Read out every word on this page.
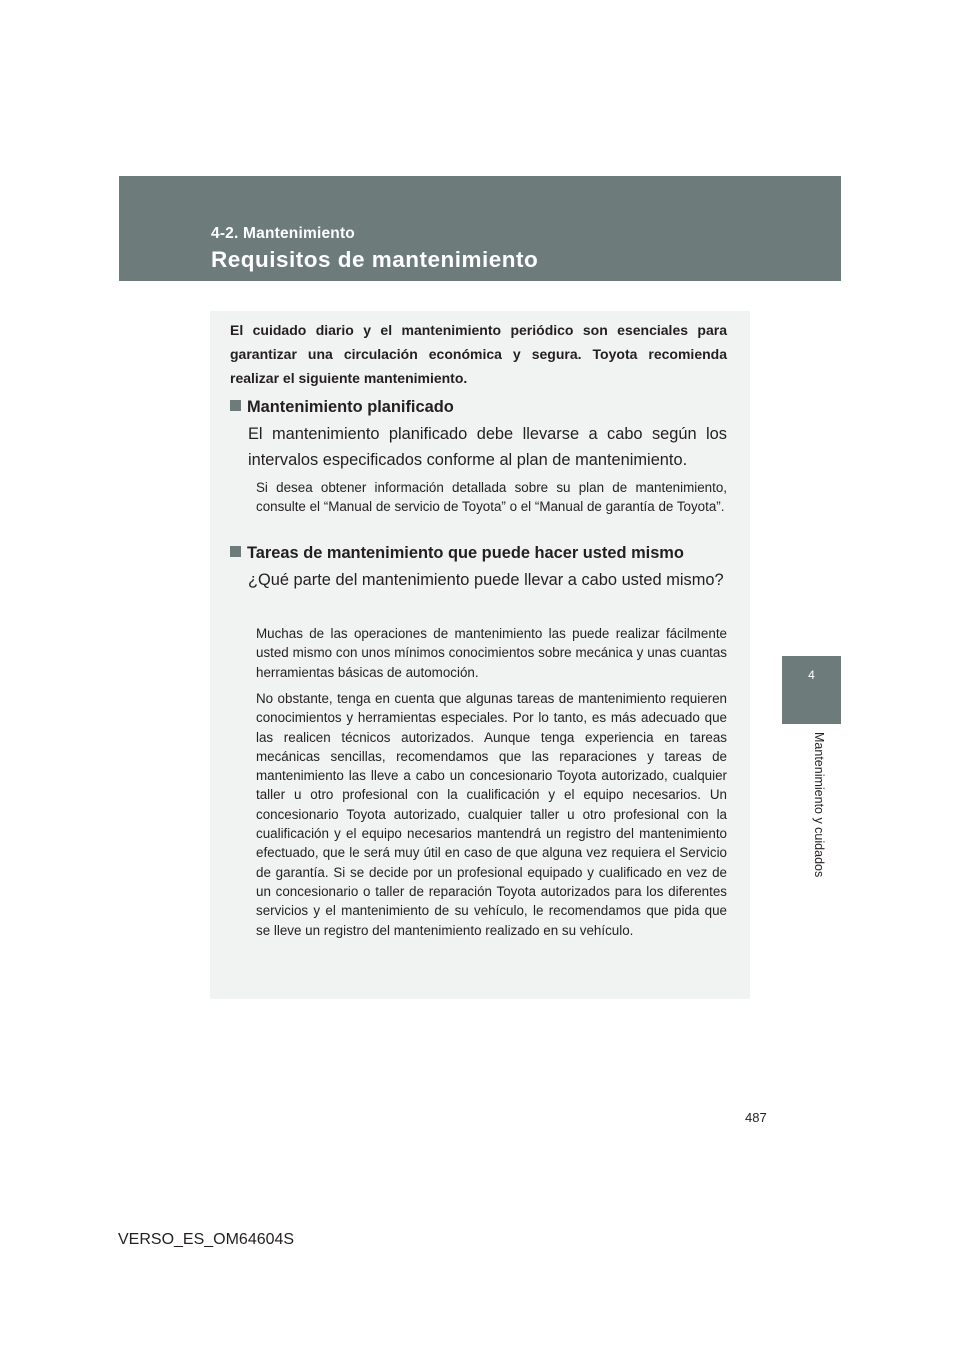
4-2. Mantenimiento

Requisitos de mantenimiento
4
Mantenimiento y cuidados

El cuidado diario y el mantenimiento periódico son esenciales para garantizar una circulación económica y segura. Toyota recomienda realizar el siguiente mantenimiento.

Mantenimiento planificado

El mantenimiento planificado debe llevarse a cabo según los intervalos especificados conforme al plan de mantenimiento.

Si desea obtener información detallada sobre su plan de mantenimiento, consulte el “Manual de servicio de Toyota” o el “Manual de garantía de Toyota”.

Tareas de mantenimiento que puede hacer usted mismo

¿Qué parte del mantenimiento puede llevar a cabo usted mismo?

Muchas de las operaciones de mantenimiento las puede realizar fácilmente usted mismo con unos mínimos conocimientos sobre mecánica y unas cuantas herramientas básicas de automoción.

No obstante, tenga en cuenta que algunas tareas de mantenimiento requieren conocimientos y herramientas especiales. Por lo tanto, es más adecuado que las realicen técnicos autorizados. Aunque tenga experiencia en tareas mecánicas sencillas, recomendamos que las reparaciones y tareas de mantenimiento las lleve a cabo un concesionario Toyota autorizado, cualquier taller u otro profesional con la cualificación y el equipo necesarios. Un concesionario Toyota autorizado, cualquier taller u otro profesional con la cualificación y el equipo necesarios mantendrá un registro del mantenimiento efectuado, que le será muy útil en caso de que alguna vez requiera el Servicio de garantía. Si se decide por un profesional equipado y cualificado en vez de un concesionario o taller de reparación Toyota autorizados para los diferentes servicios y el mantenimiento de su vehículo, le recomendamos que pida que se lleve un registro del mantenimiento realizado en su vehículo.

487
VERSO_ES_OM64604S
